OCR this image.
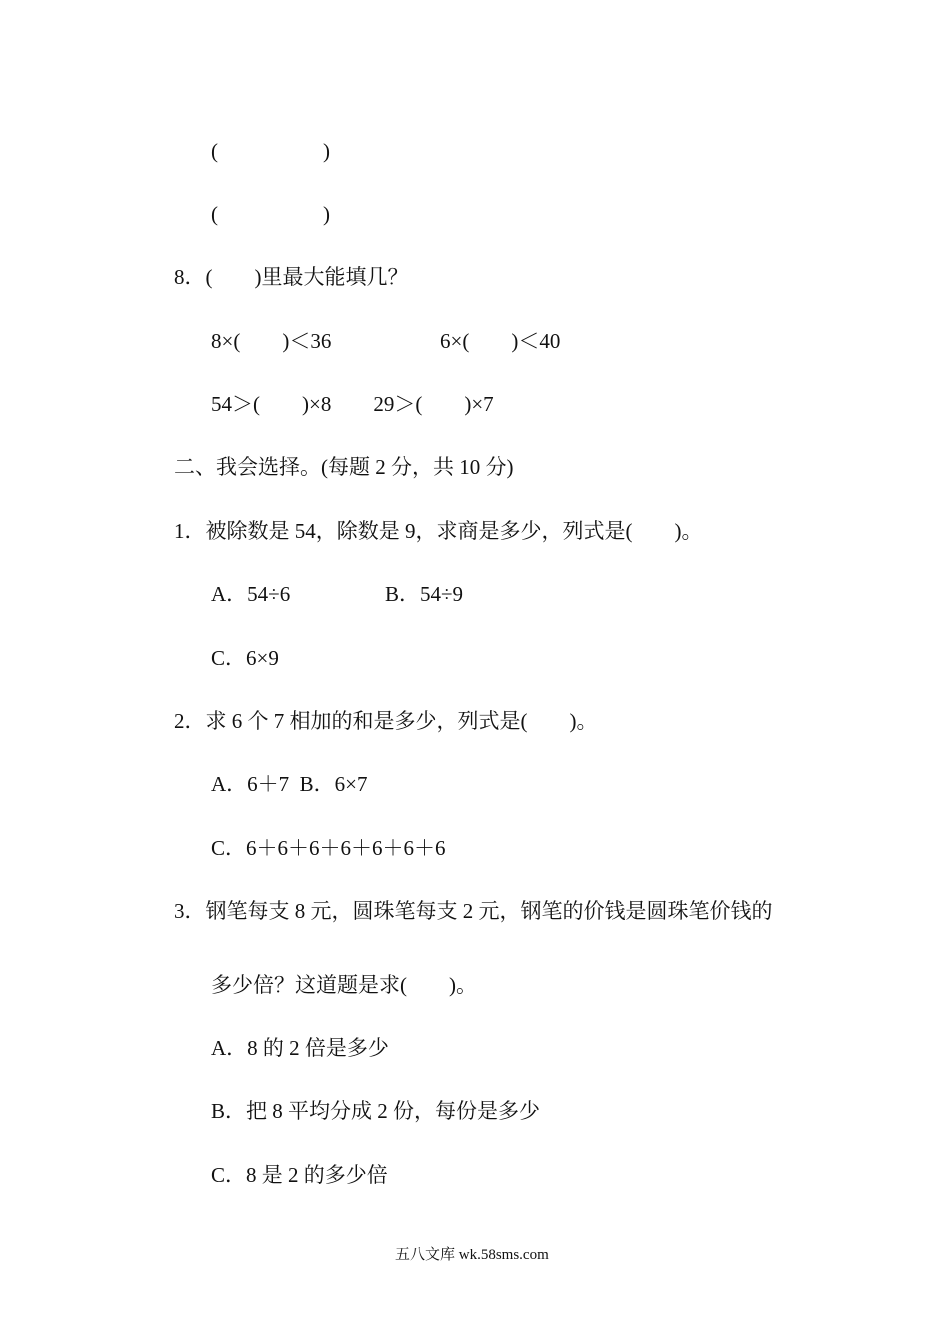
(                    )
(                    )
8．(　　)里最大能填几？
8×(　　)＜36	6×(　　)＜40
54＞(　　)×8　　29＞(　　)×7
二、我会选择。(每题 2 分，共 10 分)
1．被除数是 54，除数是 9，求商是多少，列式是(　　)。
A．54÷6	B．54÷9
C．6×9
2．求 6 个 7 相加的和是多少，列式是(　　)。
A．6＋7  B．6×7
C．6＋6＋6＋6＋6＋6＋6
3．钢笔每支 8 元，圆珠笔每支 2 元，钢笔的价钱是圆珠笔价钱的
多少倍？这道题是求(　　)。
A．8 的 2 倍是多少
B．把 8 平均分成 2 份，每份是多少
C．8 是 2 的多少倍
五八文库 wk.58sms.com
